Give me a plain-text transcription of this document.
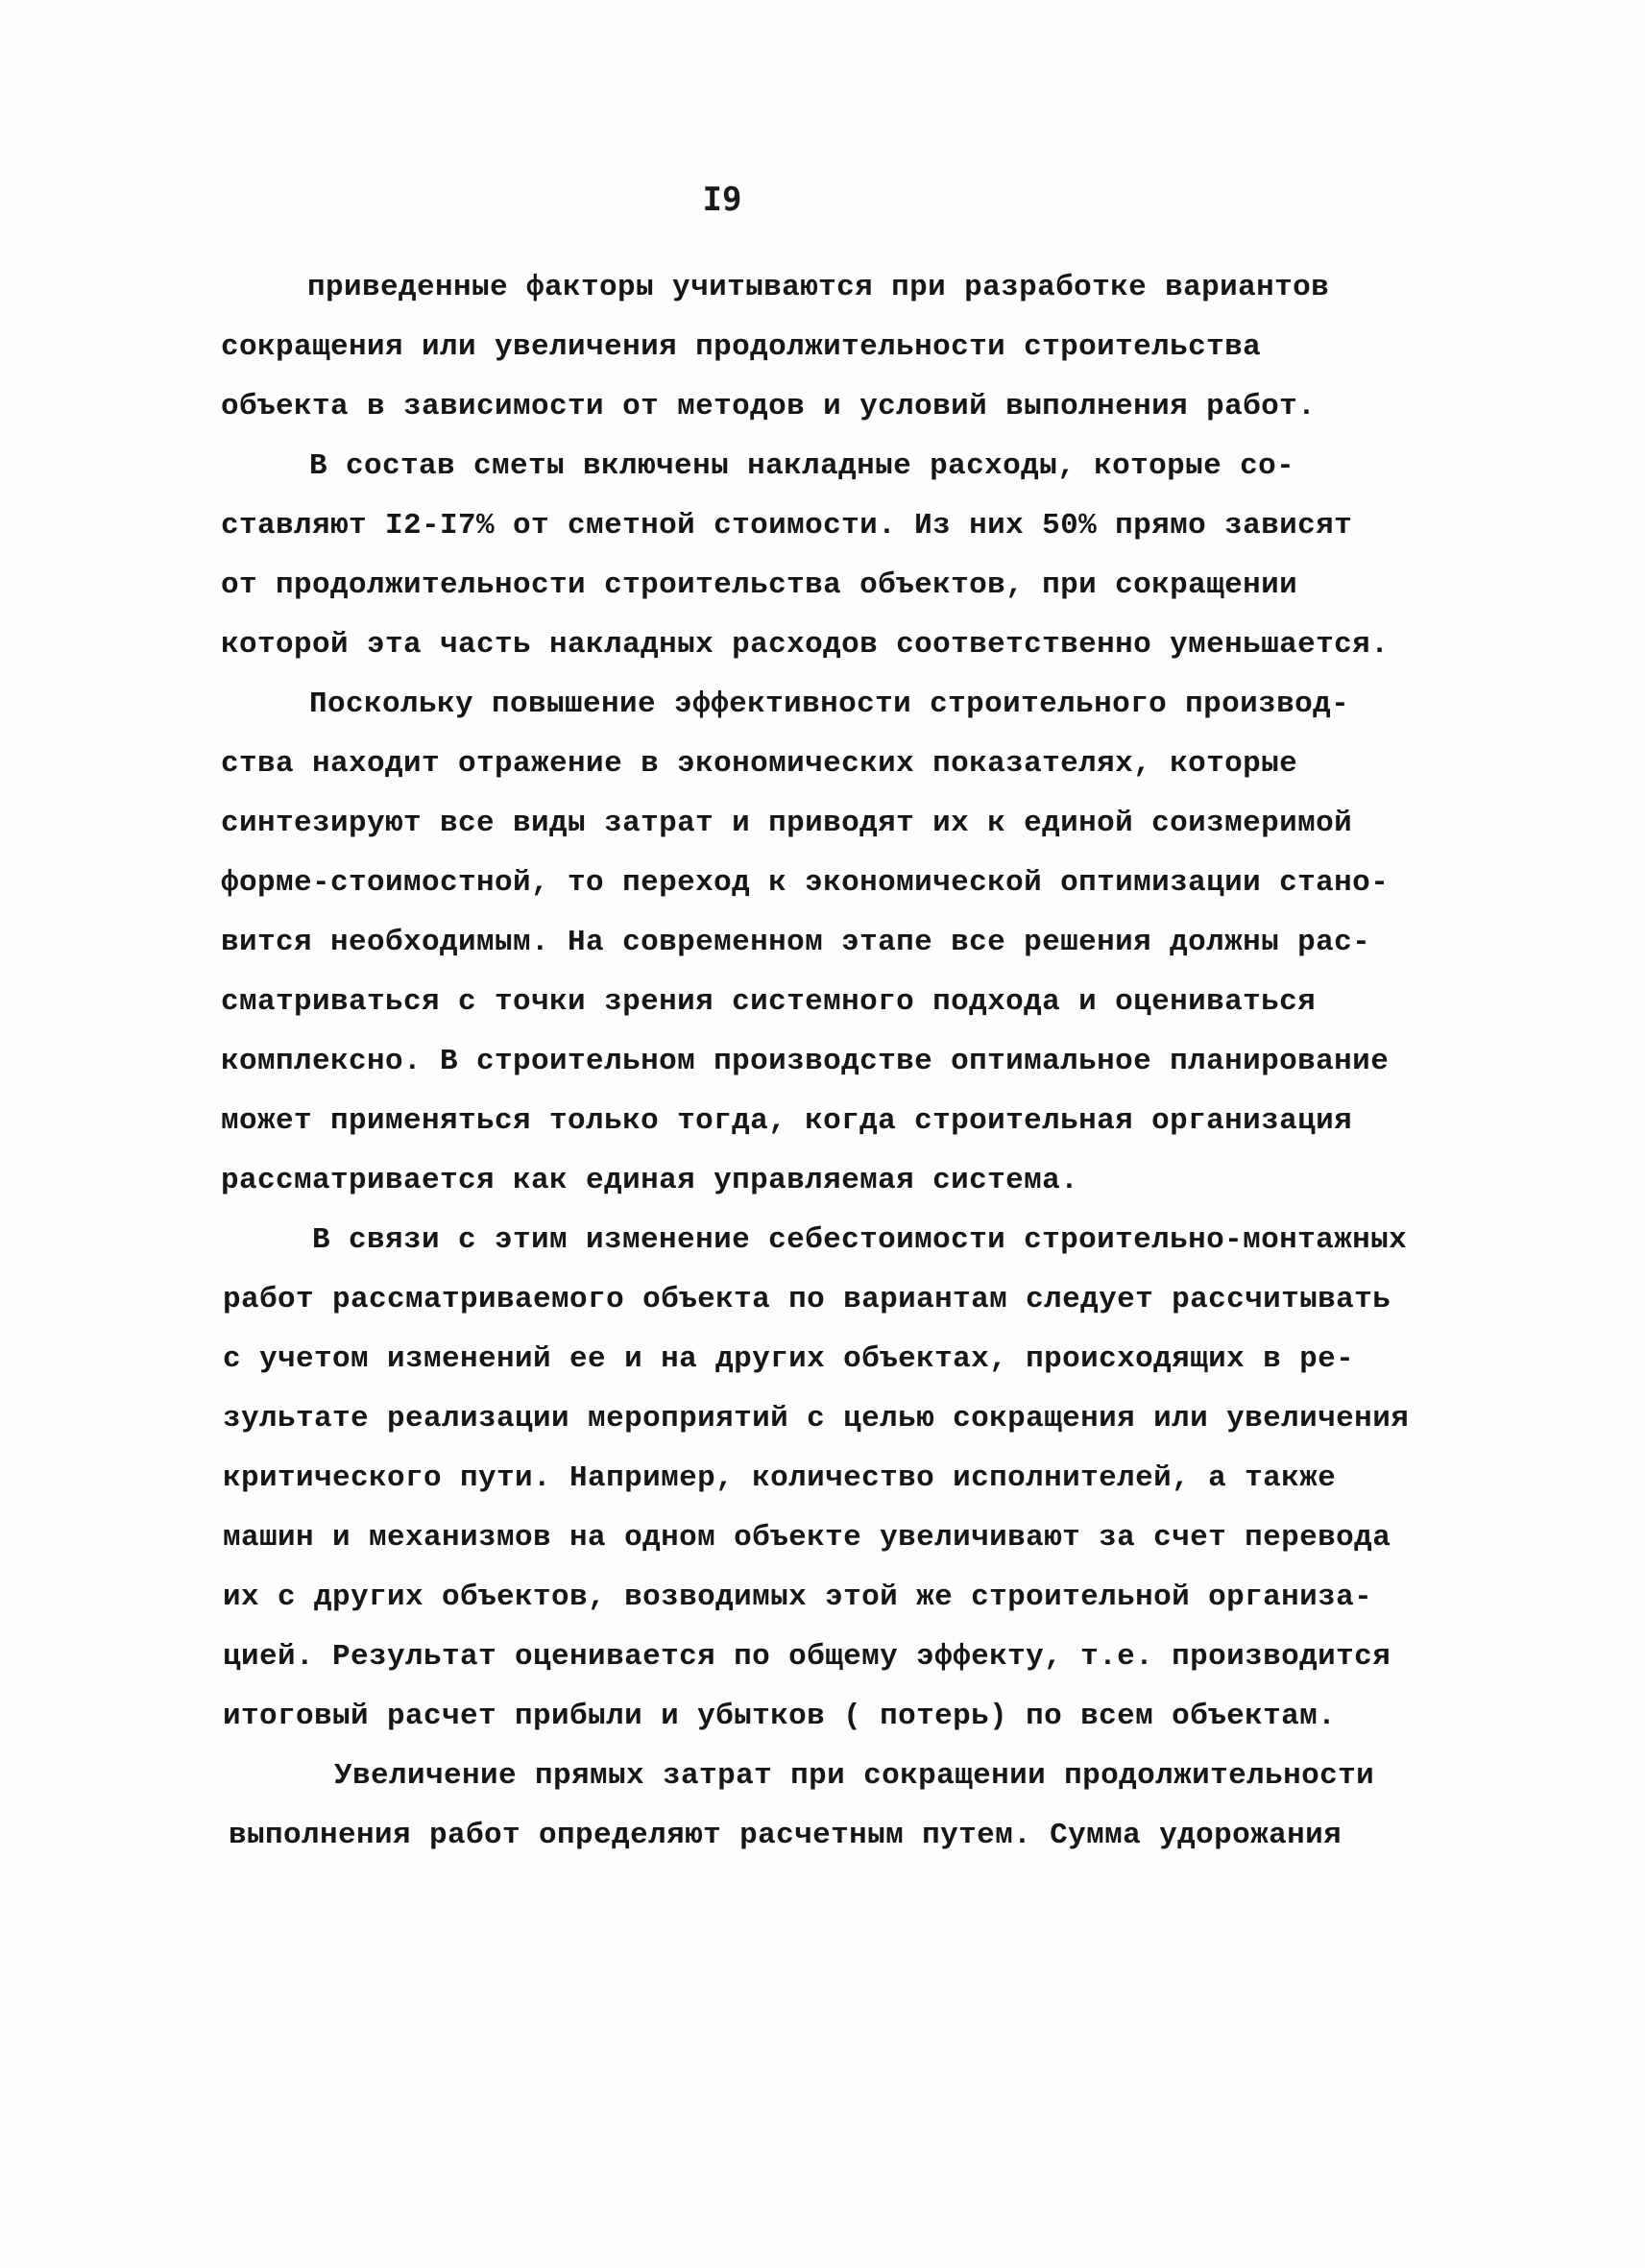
I9
приведенные факторы учитываются при разработке вариантов
сокращения или увеличения продолжительности строительства
объекта в зависимости от методов и условий выполнения работ.
В состав сметы включены накладные расходы, которые со-
ставляют I2-I7% от сметной стоимости. Из них 50% прямо зависят
от продолжительности строительства объектов, при сокращении
которой эта часть накладных расходов соответственно уменьшается.
Поскольку повышение эффективности строительного производ-
ства находит отражение в экономических показателях, которые
синтезируют все виды затрат и приводят их к единой соизмеримой
форме-стоимостной, то переход к экономической оптимизации стано-
вится необходимым. На современном этапе все решения должны рас-
сматриваться с точки зрения системного подхода и оцениваться
комплексно. В строительном производстве оптимальное планирование
может применяться только тогда, когда строительная организация
рассматривается как единая управляемая система.
В связи с этим изменение себестоимости строительно-монтажных
работ рассматриваемого объекта по вариантам следует рассчитывать
с учетом изменений ее и на других объектах, происходящих в ре-
зультате реализации мероприятий с целью сокращения или увеличения
критического пути. Например, количество исполнителей, а также
машин и механизмов на одном объекте увеличивают за счет перевода
их с других объектов, возводимых этой же строительной организа-
цией. Результат оценивается по общему эффекту, т.е. производится
итоговый расчет прибыли и убытков ( потерь) по всем объектам.
Увеличение прямых затрат при сокращении продолжительности
выполнения работ определяют расчетным путем. Сумма удорожания
